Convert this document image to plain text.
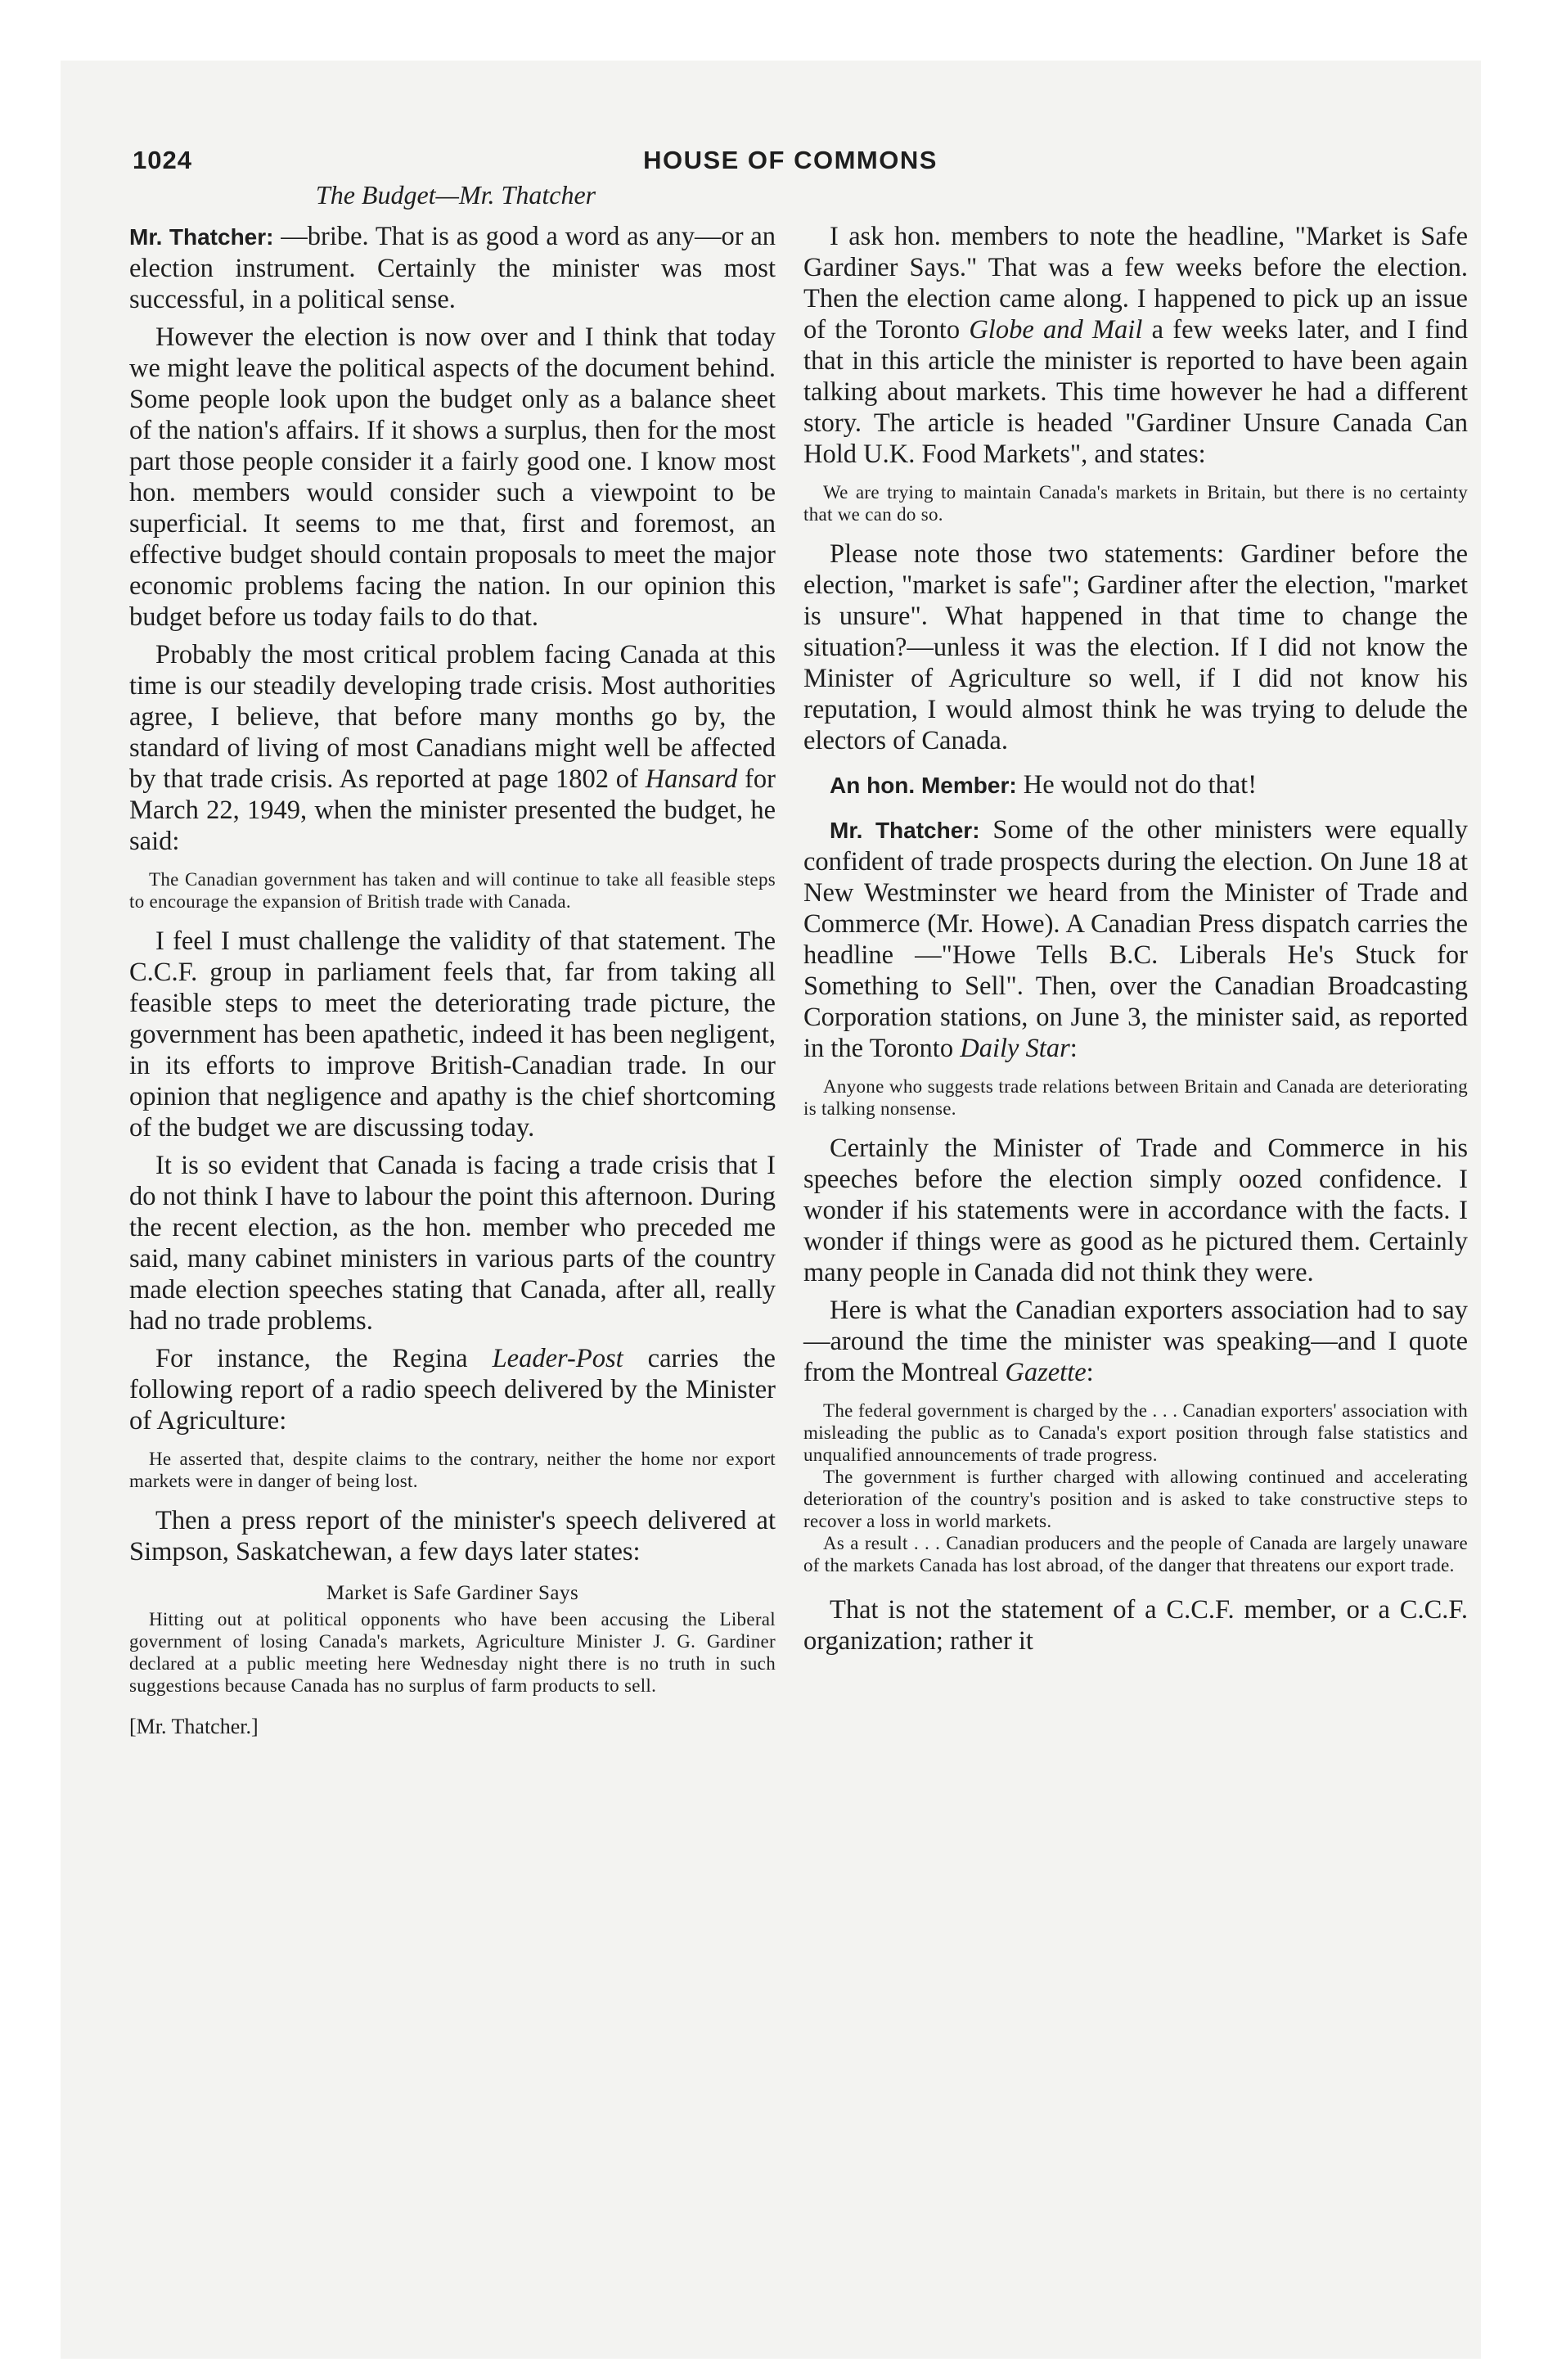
1024	HOUSE OF COMMONS
The Budget—Mr. Thatcher

Mr. Thatcher: —bribe. That is as good a word as any—or an election instrument. Certainly the minister was most successful, in a political sense.

However the election is now over and I think that today we might leave the political aspects of the document behind. Some people look upon the budget only as a balance sheet of the nation's affairs. If it shows a surplus, then for the most part those people consider it a fairly good one. I know most hon. members would consider such a viewpoint to be superficial. It seems to me that, first and foremost, an effective budget should contain proposals to meet the major economic problems facing the nation. In our opinion this budget before us today fails to do that.

Probably the most critical problem facing Canada at this time is our steadily developing trade crisis. Most authorities agree, I believe, that before many months go by, the standard of living of most Canadians might well be affected by that trade crisis. As reported at page 1802 of Hansard for March 22, 1949, when the minister presented the budget, he said:

The Canadian government has taken and will continue to take all feasible steps to encourage the expansion of British trade with Canada.

I feel I must challenge the validity of that statement. The C.C.F. group in parliament feels that, far from taking all feasible steps to meet the deteriorating trade picture, the government has been apathetic, indeed it has been negligent, in its efforts to improve British-Canadian trade. In our opinion that negligence and apathy is the chief shortcoming of the budget we are discussing today.

It is so evident that Canada is facing a trade crisis that I do not think I have to labour the point this afternoon. During the recent election, as the hon. member who preceded me said, many cabinet ministers in various parts of the country made election speeches stating that Canada, after all, really had no trade problems.

For instance, the Regina Leader-Post carries the following report of a radio speech delivered by the Minister of Agriculture:

He asserted that, despite claims to the contrary, neither the home nor export markets were in danger of being lost.

Then a press report of the minister's speech delivered at Simpson, Saskatchewan, a few days later states:

Market is Safe Gardiner Says
Hitting out at political opponents who have been accusing the Liberal government of losing Canada's markets, Agriculture Minister J. G. Gardiner declared at a public meeting here Wednesday night there is no truth in such suggestions because Canada has no surplus of farm products to sell.

[Mr. Thatcher.]

I ask hon. members to note the headline, "Market is Safe Gardiner Says." That was a few weeks before the election. Then the election came along. I happened to pick up an issue of the Toronto Globe and Mail a few weeks later, and I find that in this article the minister is reported to have been again talking about markets. This time however he had a different story. The article is headed "Gardiner Unsure Canada Can Hold U.K. Food Markets", and states:

We are trying to maintain Canada's markets in Britain, but there is no certainty that we can do so.

Please note those two statements: Gardiner before the election, "market is safe"; Gardiner after the election, "market is unsure". What happened in that time to change the situation?—unless it was the election. If I did not know the Minister of Agriculture so well, if I did not know his reputation, I would almost think he was trying to delude the electors of Canada.

An hon. Member: He would not do that!

Mr. Thatcher: Some of the other ministers were equally confident of trade prospects during the election. On June 18 at New Westminster we heard from the Minister of Trade and Commerce (Mr. Howe). A Canadian Press dispatch carries the headline —"Howe Tells B.C. Liberals He's Stuck for Something to Sell". Then, over the Canadian Broadcasting Corporation stations, on June 3, the minister said, as reported in the Toronto Daily Star:

Anyone who suggests trade relations between Britain and Canada are deteriorating is talking nonsense.

Certainly the Minister of Trade and Commerce in his speeches before the election simply oozed confidence. I wonder if his statements were in accordance with the facts. I wonder if things were as good as he pictured them. Certainly many people in Canada did not think they were.

Here is what the Canadian exporters association had to say—around the time the minister was speaking—and I quote from the Montreal Gazette:

The federal government is charged by the . . . Canadian exporters' association with misleading the public as to Canada's export position through false statistics and unqualified announcements of trade progress.
The government is further charged with allowing continued and accelerating deterioration of the country's position and is asked to take constructive steps to recover a loss in world markets.
As a result . . . Canadian producers and the people of Canada are largely unaware of the markets Canada has lost abroad, of the danger that threatens our export trade.

That is not the statement of a C.C.F. member, or a C.C.F. organization; rather it
